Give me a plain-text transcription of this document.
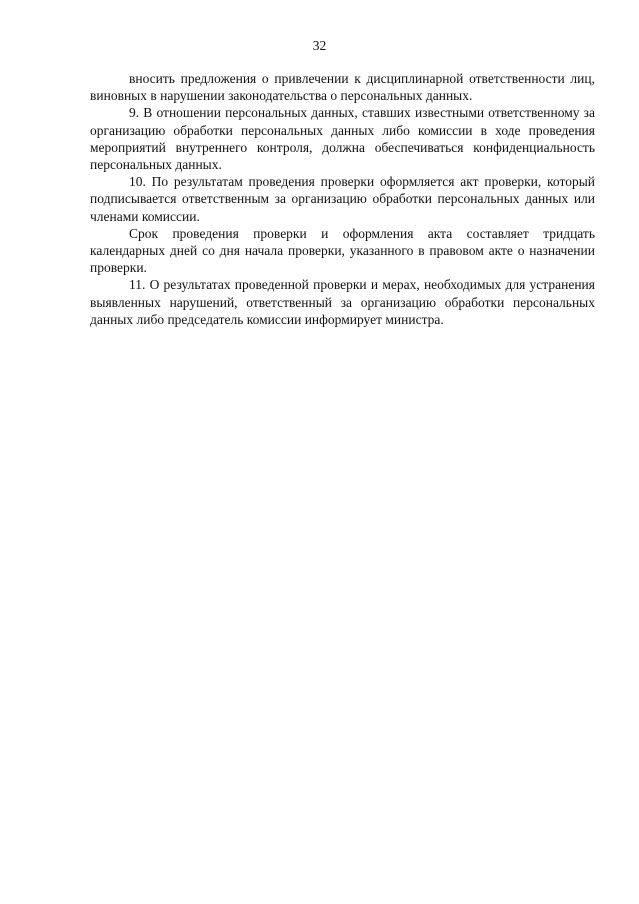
32

вносить предложения о привлечении к дисциплинарной ответственности лиц, виновных в нарушении законодательства о персональных данных.

9. В отношении персональных данных, ставших известными ответственному за организацию обработки персональных данных либо комиссии в ходе проведения мероприятий внутреннего контроля, должна обеспечиваться конфиденциальность персональных данных.

10. По результатам проведения проверки оформляется акт проверки, который подписывается ответственным за организацию обработки персональных данных или членами комиссии.

Срок проведения проверки и оформления акта составляет тридцать календарных дней со дня начала проверки, указанного в правовом акте о назначении проверки.

11. О результатах проведенной проверки и мерах, необходимых для устранения выявленных нарушений, ответственный за организацию обработки персональных данных либо председатель комиссии информирует министра.
